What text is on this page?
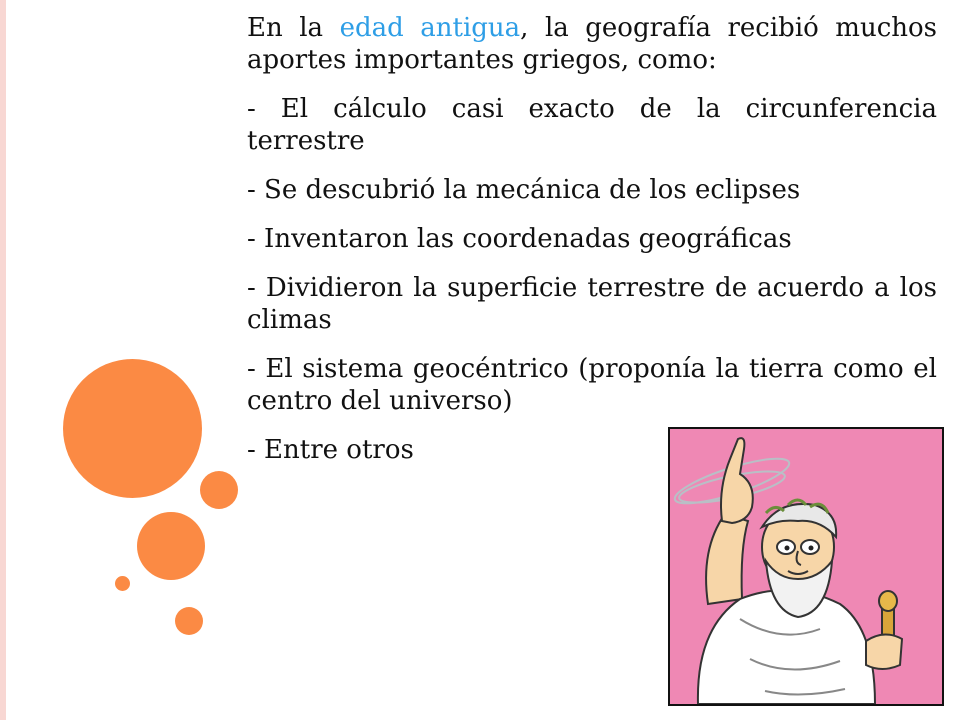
En la edad antigua, la geografía recibió muchos aportes importantes griegos, como:

- El cálculo casi exacto de la circunferencia terrestre

- Se descubrió la mecánica de los eclipses

- Inventaron las coordenadas geográficas

- Dividieron la superficie terrestre de acuerdo a los climas

- El sistema geocéntrico (proponía la tierra como el centro del universo)

- Entre otros
